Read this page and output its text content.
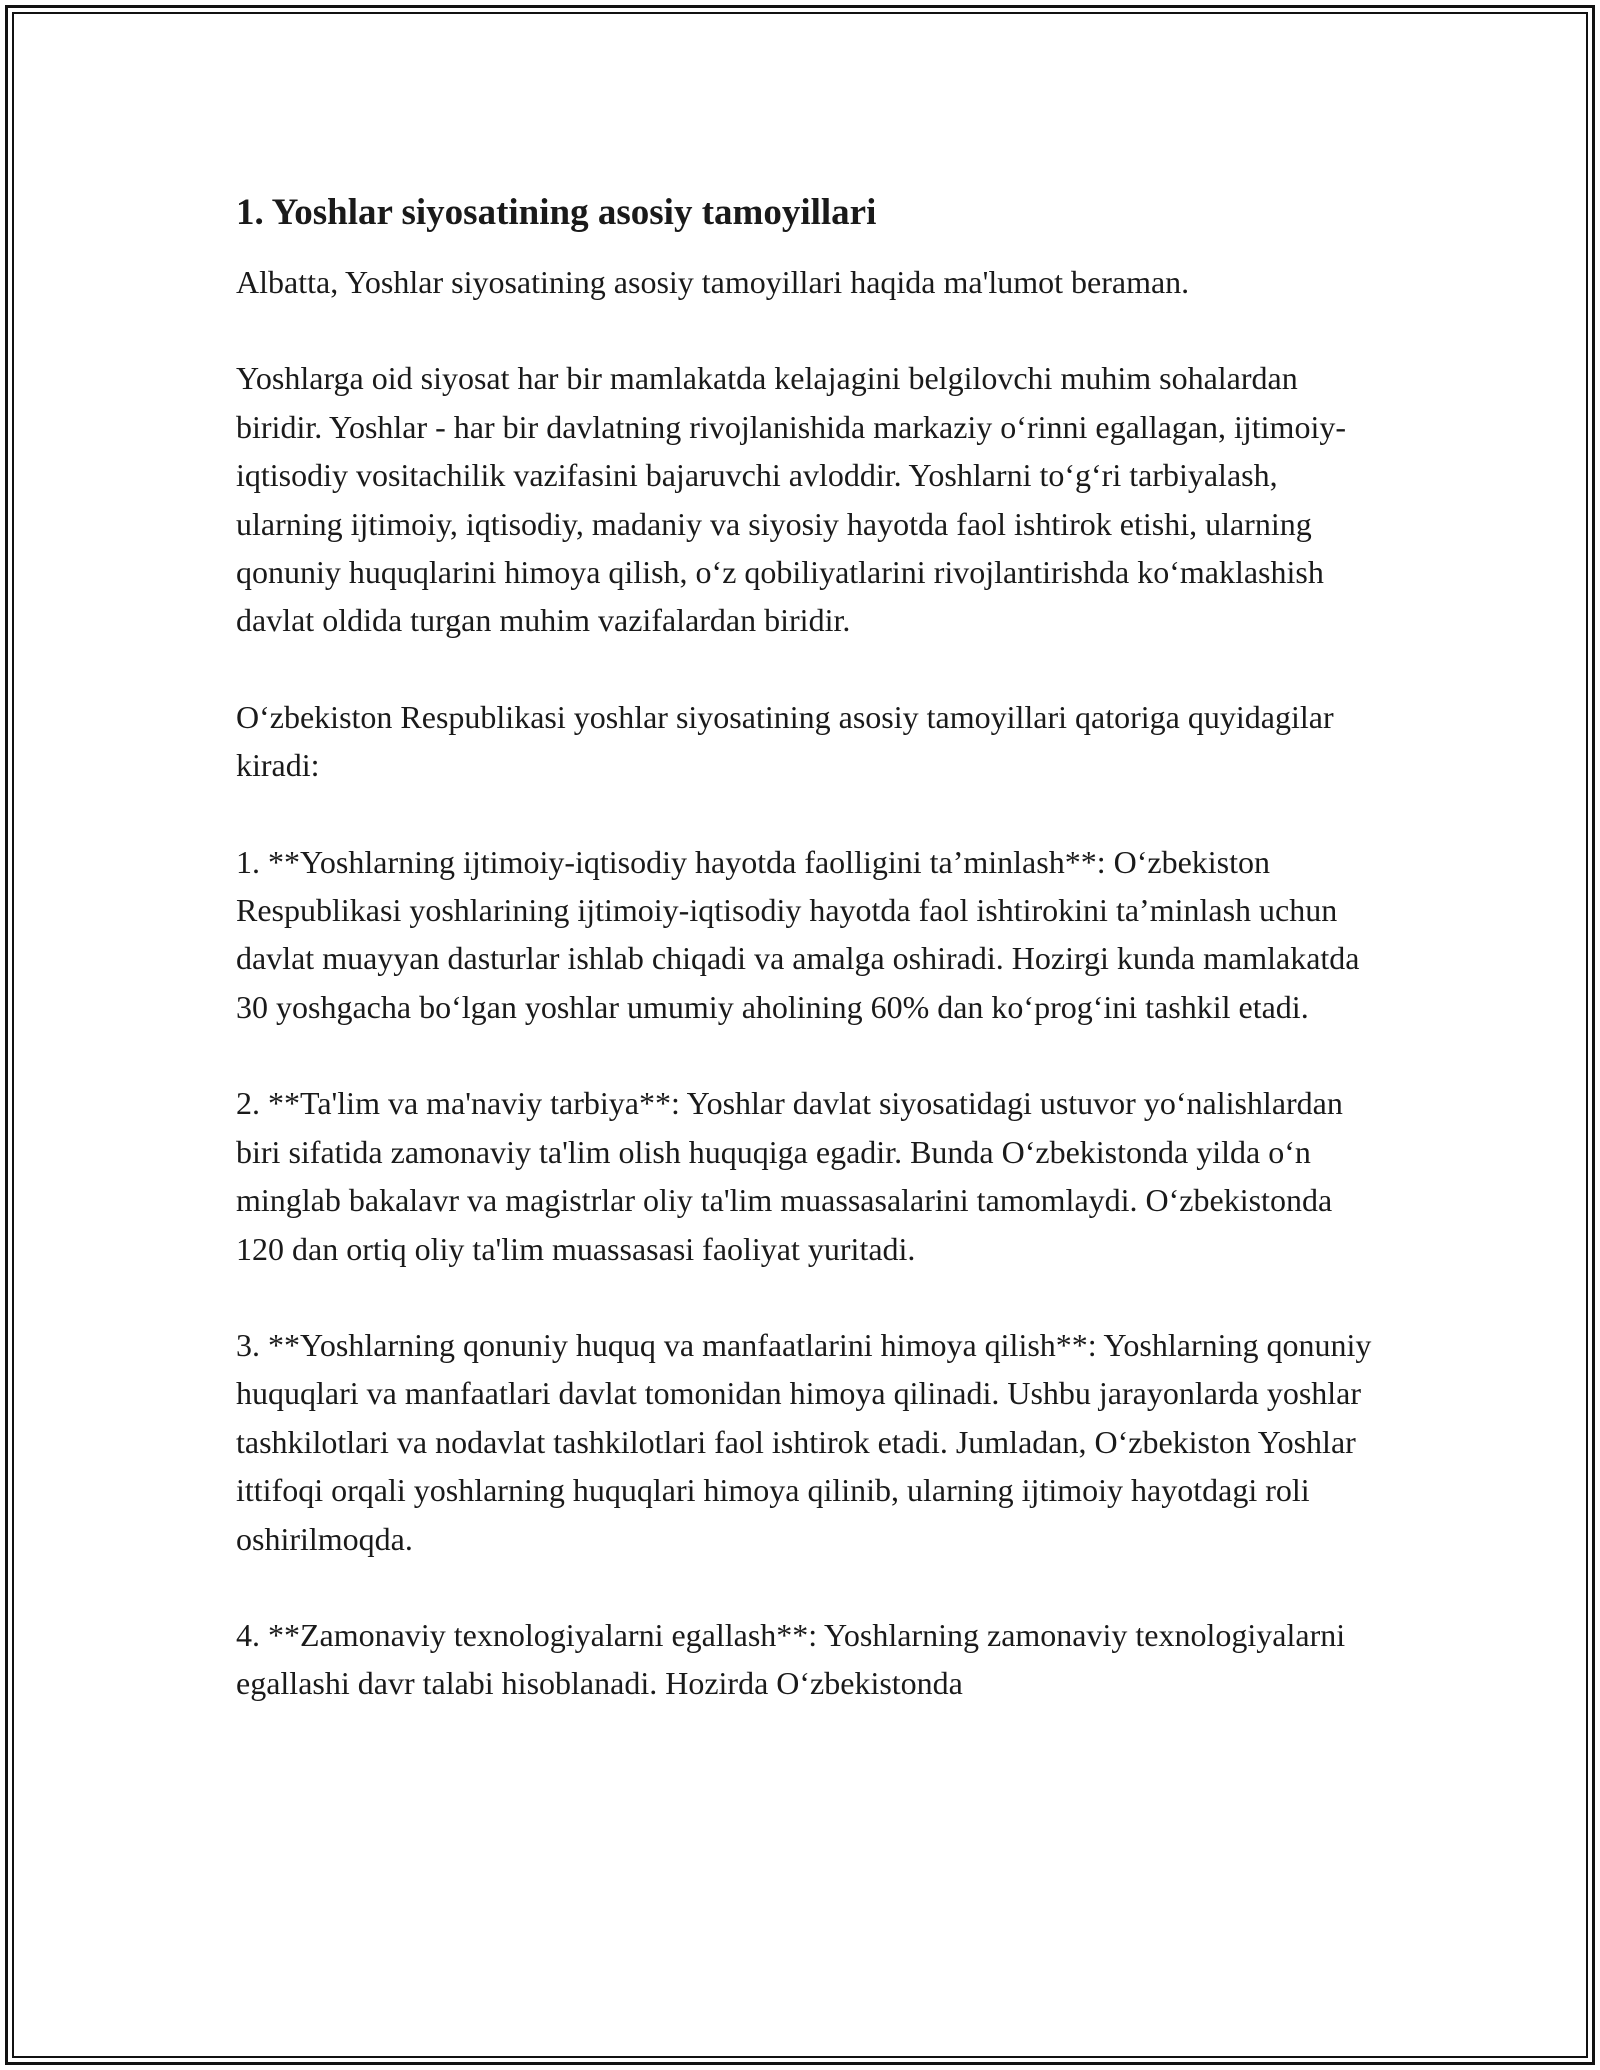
1. Yoshlar siyosatining asosiy tamoyillari

Albatta, Yoshlar siyosatining asosiy tamoyillari haqida ma'lumot beraman.

Yoshlarga oid siyosat har bir mamlakatda kelajagini belgilovchi muhim sohalardan biridir. Yoshlar - har bir davlatning rivojlanishida markaziy o‘rinni egallagan, ijtimoiy-iqtisodiy vositachilik vazifasini bajaruvchi avloddir. Yoshlarni to‘g‘ri tarbiyalash, ularning ijtimoiy, iqtisodiy, madaniy va siyosiy hayotda faol ishtirok etishi, ularning qonuniy huquqlarini himoya qilish, o‘z qobiliyatlarini rivojlantirishda ko‘maklashish davlat oldida turgan muhim vazifalardan biridir.

O‘zbekiston Respublikasi yoshlar siyosatining asosiy tamoyillari qatoriga quyidagilar kiradi:

1. **Yoshlarning ijtimoiy-iqtisodiy hayotda faolligini ta’minlash**: O‘zbekiston Respublikasi yoshlarining ijtimoiy-iqtisodiy hayotda faol ishtirokini ta’minlash uchun davlat muayyan dasturlar ishlab chiqadi va amalga oshiradi. Hozirgi kunda mamlakatda 30 yoshgacha bo‘lgan yoshlar umumiy aholining 60% dan ko‘prog‘ini tashkil etadi.

2. **Ta'lim va ma'naviy tarbiya**: Yoshlar davlat siyosatidagi ustuvor yo‘nalishlardan biri sifatida zamonaviy ta'lim olish huquqiga egadir. Bunda O‘zbekistonda yilda o‘n minglab bakalavr va magistrlar oliy ta'lim muassasalarini tamomlaydi. O‘zbekistonda 120 dan ortiq oliy ta'lim muassasasi faoliyat yuritadi.

3. **Yoshlarning qonuniy huquq va manfaatlarini himoya qilish**: Yoshlarning qonuniy huquqlari va manfaatlari davlat tomonidan himoya qilinadi. Ushbu jarayonlarda yoshlar tashkilotlari va nodavlat tashkilotlari faol ishtirok etadi. Jumladan, O‘zbekiston Yoshlar ittifoqi orqali yoshlarning huquqlari himoya qilinib, ularning ijtimoiy hayotdagi roli oshirilmoqda.

4. **Zamonaviy texnologiyalarni egallash**: Yoshlarning zamonaviy texnologiyalarni egallashi davr talabi hisoblanadi. Hozirda O‘zbekistonda
